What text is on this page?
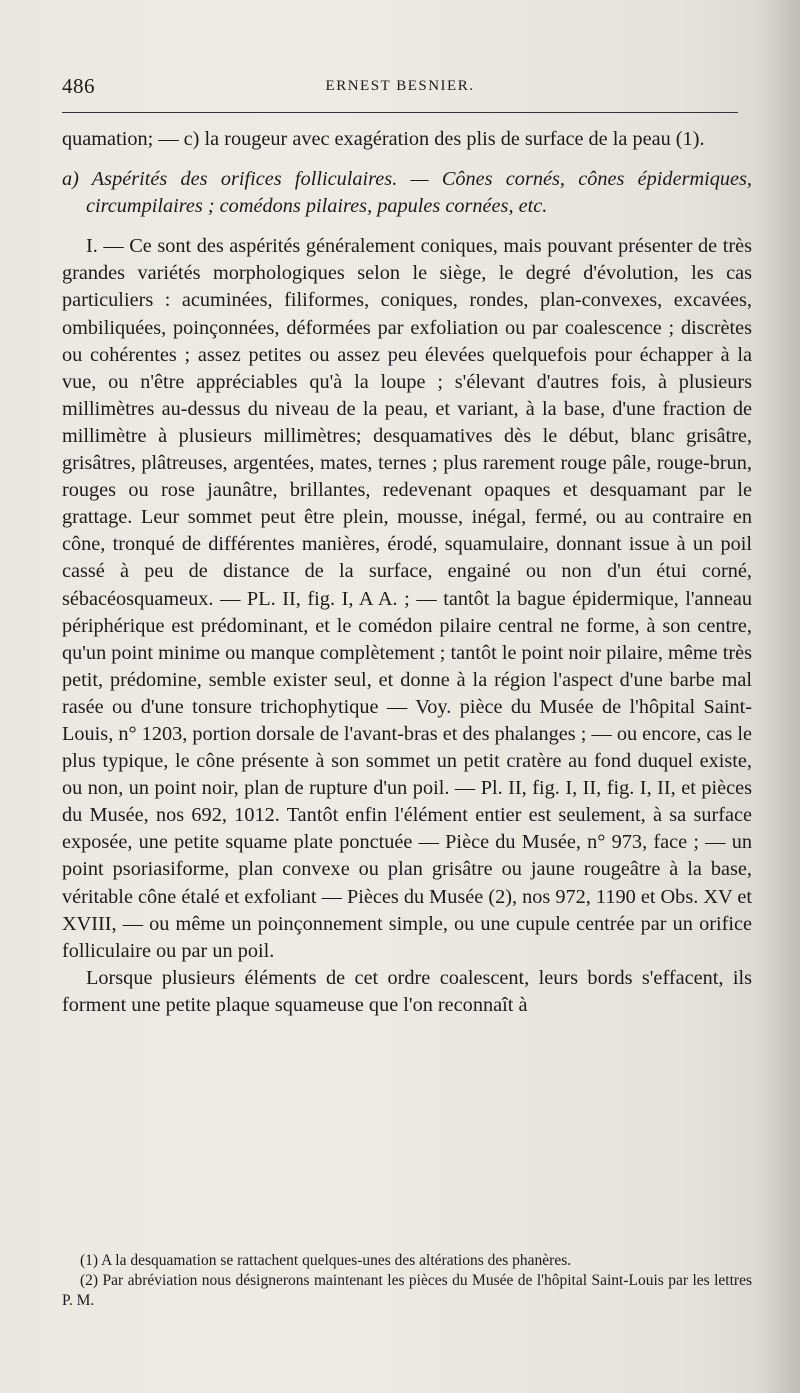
486	ERNEST BESNIER.

quamation; — c) la rougeur avec exagération des plis de surface de la peau (1).

a) Aspérités des orifices folliculaires. — Cônes cornés, cônes épidermiques, circumpilaires ; comédons pilaires, papules cornées, etc.

I. — Ce sont des aspérités généralement coniques, mais pouvant présenter de très grandes variétés morphologiques selon le siège, le degré d'évolution, les cas particuliers : acuminées, filiformes, coniques, rondes, plan-convexes, excavées, ombiliquées, poinçonnées, déformées par exfoliation ou par coalescence ; discrètes ou cohérentes ; assez petites ou assez peu élevées quelquefois pour échapper à la vue, ou n'être appréciables qu'à la loupe ; s'élevant d'autres fois, à plusieurs millimètres au-dessus du niveau de la peau, et variant, à la base, d'une fraction de millimètre à plusieurs millimètres; desquamatives dès le début, blanc grisâtre, grisâtres, plâtreuses, argentées, mates, ternes ; plus rarement rouge pâle, rouge-brun, rouges ou rose jaunâtre, brillantes, redevenant opaques et desquamant par le grattage. Leur sommet peut être plein, mousse, inégal, fermé, ou au contraire en cône, tronqué de différentes manières, érodé, squamulaire, donnant issue à un poil cassé à peu de distance de la surface, engainé ou non d'un étui corné, sébacéosquameux. — PL. II, fig. I, A A. ; — tantôt la bague épidermique, l'anneau périphérique est prédominant, et le comédon pilaire central ne forme, à son centre, qu'un point minime ou manque complètement ; tantôt le point noir pilaire, même très petit, prédomine, semble exister seul, et donne à la région l'aspect d'une barbe mal rasée ou d'une tonsure trichophytique — Voy. pièce du Musée de l'hôpital Saint-Louis, n° 1203, portion dorsale de l'avant-bras et des phalanges ; — ou encore, cas le plus typique, le cône présente à son sommet un petit cratère au fond duquel existe, ou non, un point noir, plan de rupture d'un poil. — Pl. II, fig. I, II, fig. I, II, et pièces du Musée, nos 692, 1012. Tantôt enfin l'élément entier est seulement, à sa surface exposée, une petite squame plate ponctuée — Pièce du Musée, n° 973, face ; — un point psoriasiforme, plan convexe ou plan grisâtre ou jaune rougeâtre à la base, véritable cône étalé et exfoliant — Pièces du Musée (2), nos 972, 1190 et Obs. XV et XVIII, — ou même un poinçonnement simple, ou une cupule centrée par un orifice folliculaire ou par un poil.

Lorsque plusieurs éléments de cet ordre coalescent, leurs bords s'effacent, ils forment une petite plaque squameuse que l'on reconnaît à

(1) A la desquamation se rattachent quelques-unes des altérations des phanères.

(2) Par abréviation nous désignerons maintenant les pièces du Musée de l'hôpital Saint-Louis par les lettres P. M.
